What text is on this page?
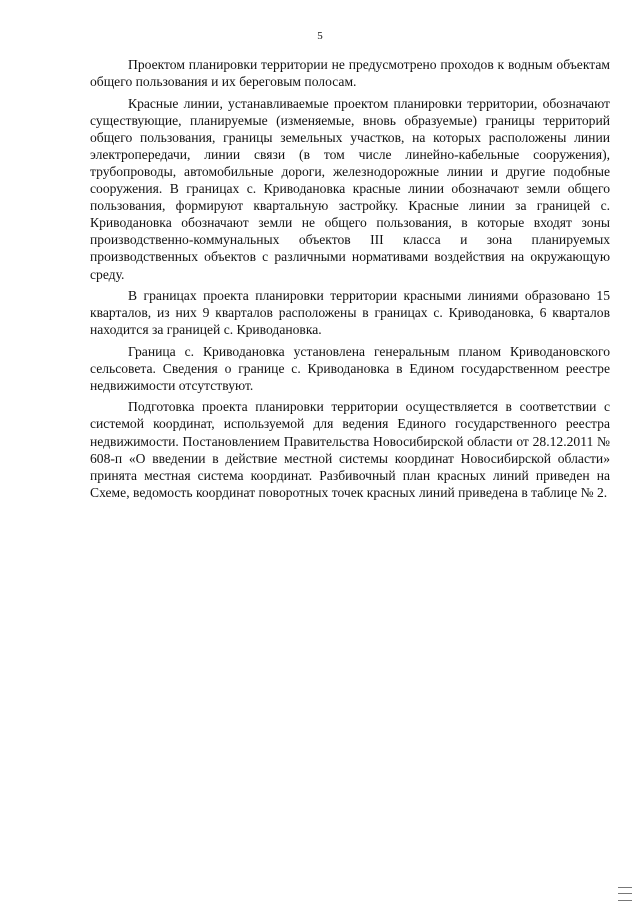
5

Проектом планировки территории не предусмотрено проходов к водным объектам общего пользования и их береговым полосам.

Красные линии, устанавливаемые проектом планировки территории, обозначают существующие, планируемые (изменяемые, вновь образуемые) границы территорий общего пользования, границы земельных участков, на которых расположены линии электропередачи, линии связи (в том числе линейно-кабельные сооружения), трубопроводы, автомобильные дороги, железнодорожные линии и другие подобные сооружения. В границах с. Криводановка красные линии обозначают земли общего пользования, формируют квартальную застройку. Красные линии за границей с. Криводановка обозначают земли не общего пользования, в которые входят зоны производственно-коммунальных объектов III класса и зона планируемых производственных объектов с различными нормативами воздействия на окружающую среду.

В границах проекта планировки территории красными линиями образовано 15 кварталов, из них 9 кварталов расположены в границах с. Криводановка, 6 кварталов находится за границей с. Криводановка.

Граница с. Криводановка установлена генеральным планом Криводановского сельсовета. Сведения о границе с. Криводановка в Едином государственном реестре недвижимости отсутствуют.

Подготовка проекта планировки территории осуществляется в соответствии с системой координат, используемой для ведения Единого государственного реестра недвижимости. Постановлением Правительства Новосибирской области от 28.12.2011 № 608-п «О введении в действие местной системы координат Новосибирской области» принята местная система координат. Разбивочный план красных линий приведен на Схеме, ведомость координат поворотных точек красных линий приведена в таблице № 2.
